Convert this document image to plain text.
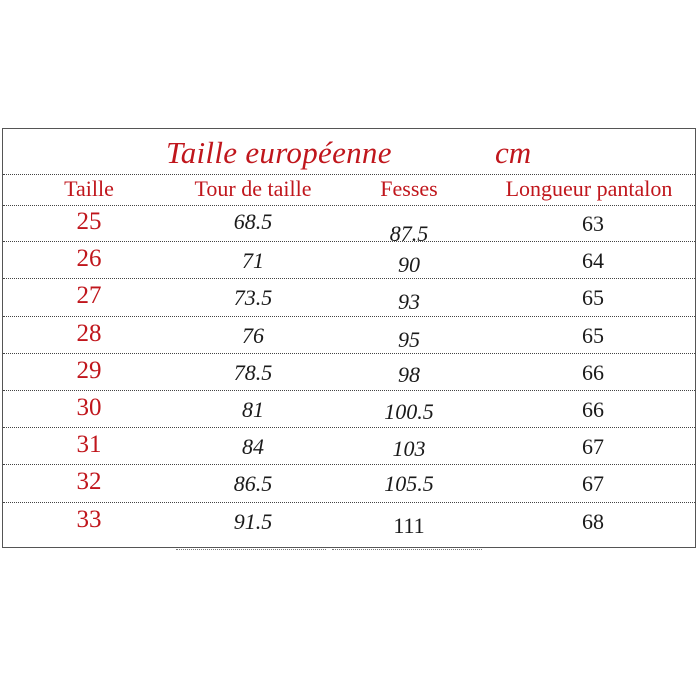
Taille européenne	cm
Taille	Tour de taille	Fesses	Longueur pantalon
25	68.5	87.5	63
26	71	90	64
27	73.5	93	65
28	76	95	65
29	78.5	98	66
30	81	100.5	66
31	84	103	67
32	86.5	105.5	67
33	91.5	111	68
